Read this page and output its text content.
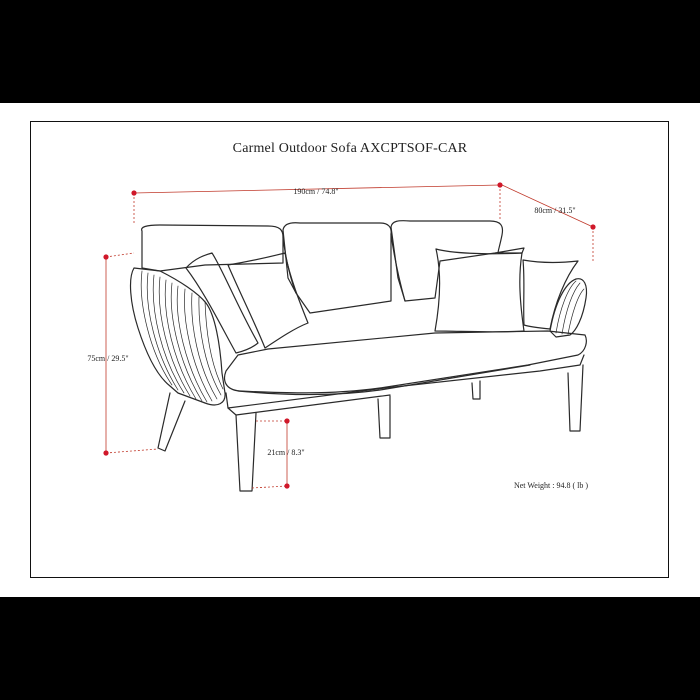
Carmel Outdoor Sofa AXCPTSOF-CAR
190cm / 74.8"
80cm / 31.5"
75cm / 29.5"
21cm / 8.3"
Net Weight : 94.8 ( lb )
